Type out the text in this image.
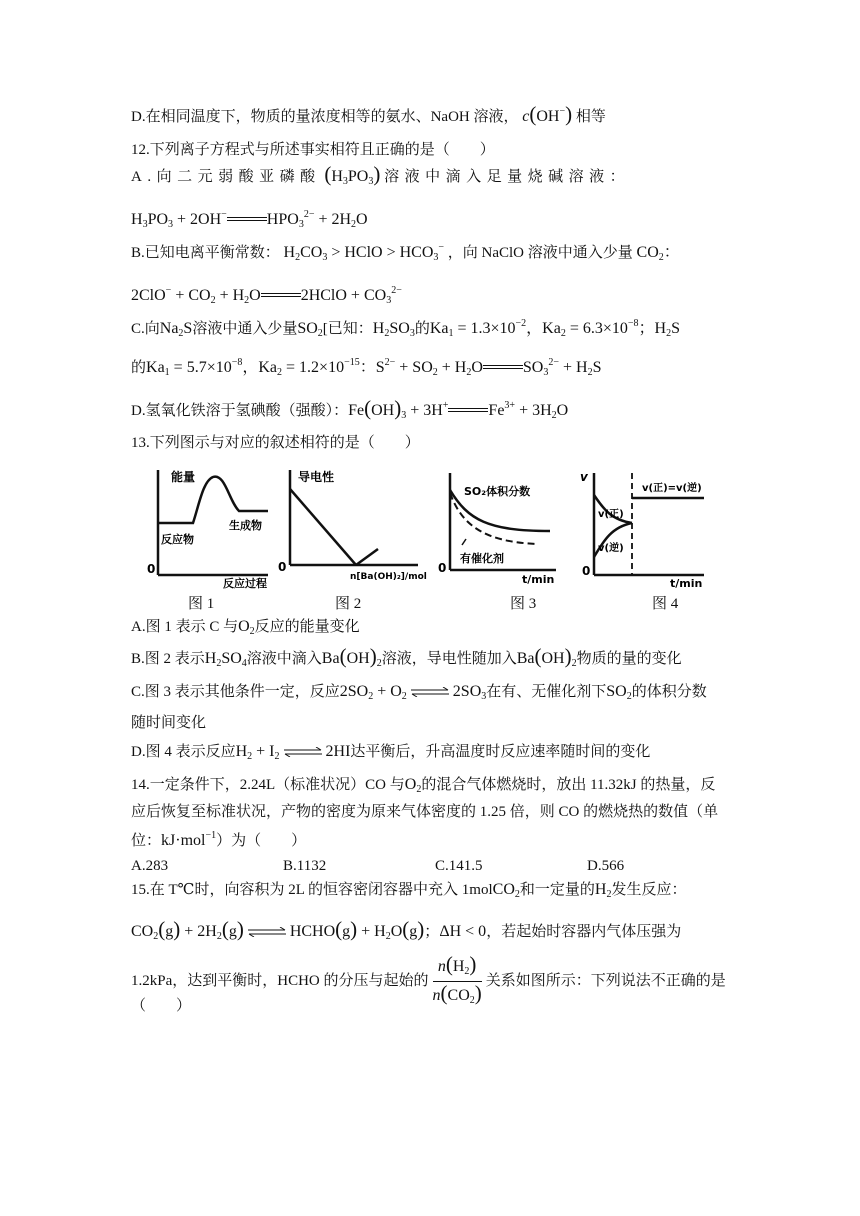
D.在相同温度下，物质的量浓度相等的氨水、NaOH 溶液， c(OH−) 相等
12.下列离子方程式与所述事实相符且正确的是（　　）
A.向二元弱酸亚磷酸 $(H_3PO_3)$ 溶液中滴入足量烧碱溶液：
$H_3PO_3 + 2OH^-$	$HPO_3^{2-} + 2H_2O$
B.已知电离平衡常数： $H_2CO_3$ > HClO > $HCO_3^-$ ，向 NaClO 溶液中通入少量 $CO_2$：
$2ClO^- + CO_2 + H_2O$	2HClO + $CO_3^{2-}$
C.向$Na_2S$溶液中通入少量$SO_2$[已知：$H_2SO_3$的$Ka_1 = 1.3\times 10^{-2}$，$Ka_2 = 6.3\times 10^{-8}$；$H_2S$
的$Ka_1 = 5.7\times 10^{-8}$，$Ka_2 = 1.2\times 10^{-15}$：$S^{2-} + SO_2 + H_2O$	$SO_3^{2-} + H_2S$
D.氢氧化铁溶于氢碘酸（强酸）：$Fe(OH)_3 + 3H^+$	$Fe^{3+} + 3H_2O$
13.下列图示与对应的叙述相符的是（　　）
能量
反应物
生成物
0
反应过程
导电性
0
n[Ba(OH)₂]/mol
SO₂体积分数
有催化剂
0
t/min
v
v(正)
v(逆)
v(正)=v(逆)
0
t/min
图 1	图 2	图 3	图 4
A.图 1 表示 C 与$O_2$反应的能量变化
B.图 2 表示$H_2SO_4$溶液中滴入$Ba(OH)_2$溶液，导电性随加入$Ba(OH)_2$物质的量的变化
C.图 3 表示其他条件一定，反应$2SO_2 + O_2$ ⇌ $2SO_3$在有、无催化剂下$SO_2$的体积分数
随时间变化
D.图 4 表示反应$H_2 + I_2$ ⇌ 2HI达平衡后，升高温度时反应速率随时间的变化
14.一定条件下，2.24L（标准状况）CO 与$O_2$的混合气体燃烧时，放出 11.32kJ 的热量，反
应后恢复至标准状况，产物的密度为原来气体密度的 1.25 倍，则 CO 的燃烧热的数值（单
位：kJ·mol$^{-1}$）为（　　）
A.283	B.1132	C.141.5	D.566
15.在 T℃时，向容积为 2L 的恒容密闭容器中充入 1molCO$_2$和一定量的$H_2$发生反应：
$CO_2(g) + 2H_2(g)$ ⇌ HCHO(g) + $H_2O(g)$；ΔH < 0，若起始时容器内气体压强为
1.2kPa，达到平衡时，HCHO 的分压与起始的 $\frac{n(H_2)}{n(CO_2)}$ 关系如图所示：下列说法不正确的是
（　　）
